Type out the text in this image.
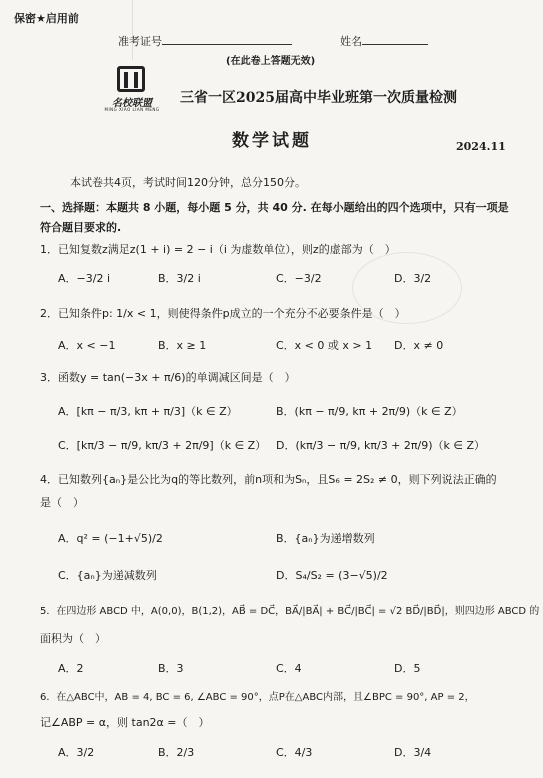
保密★启用前
准考证号	姓名
(在此卷上答题无效)
名校联盟
MING XIAO LIAN MENG
三省一区2025届高中毕业班第一次质量检测
数学试题	2024.11
本试卷共4页，考试时间120分钟，总分150分。
一、选择题：本题共 8 小题，每小题 5 分，共 40 分. 在每小题给出的四个选项中，只有一项是符合题目要求的.
1．已知复数z满足z(1 + i) = 2 − i（i 为虚数单位），则z的虚部为（　）
A．−3/2 i	B．3/2 i	C．−3/2	D．3/2
2．已知条件p: 1/x < 1，则使得条件p成立的一个充分不必要条件是（　）
A．x < −1	B．x ≥ 1	C．x < 0 或 x > 1 D．x ≠ 0
3．函数y = tan(−3x + π/6)的单调减区间是（　）
A．[kπ − π/3, kπ + π/3]（k ∈ Z）	B．(kπ − π/9, kπ + 2π/9)（k ∈ Z）
C．[kπ/3 − π/9, kπ/3 + 2π/9]（k ∈ Z） D．(kπ/3 − π/9, kπ/3 + 2π/9)（k ∈ Z）
4．已知数列{aₙ}是公比为q的等比数列，前n项和为Sₙ，且S₆ = 2S₂ ≠ 0，则下列说法正确的
是（　）
A．q² = (−1+√5)/2	B．{aₙ}为递增数列
C．{aₙ}为递减数列	D．S₄/S₂ = (3−√5)/2
5．在四边形 ABCD 中，A(0,0)，B(1,2)，AB⃗ = DC⃗，BA⃗/|BA⃗| + BC⃗/|BC⃗| = √2 BD⃗/|BD⃗|，则四边形 ABCD 的
面积为（　）
A．2	B．3	C．4	D．5
6．在△ABC中，AB = 4, BC = 6, ∠ABC = 90°，点P在△ABC内部，且∠BPC = 90°, AP = 2，
记∠ABP = α，则 tan2α =（　）
A．3/2	B．2/3	C．4/3	D．3/4
